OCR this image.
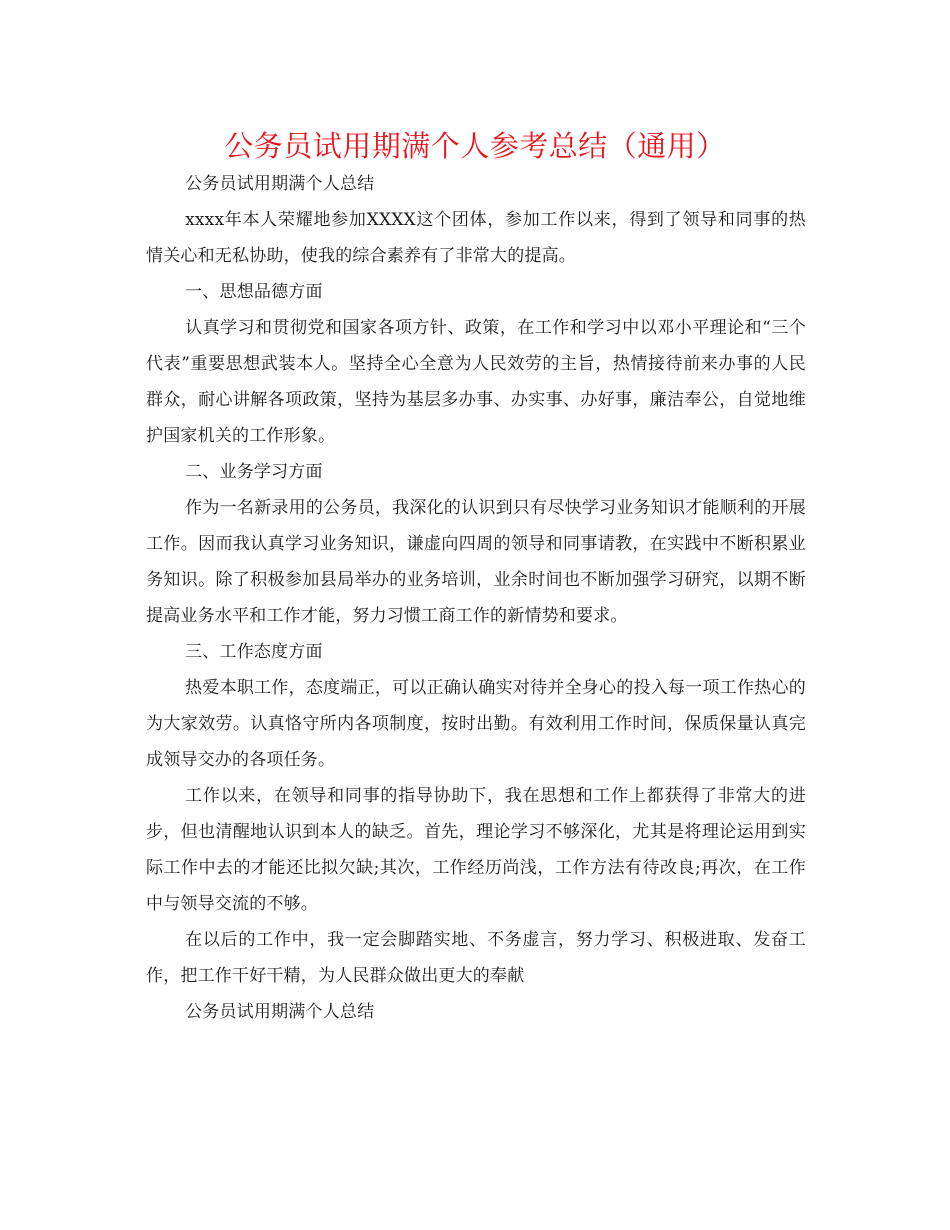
公务员试用期满个人参考总结（通用）

公务员试用期满个人总结

xxxx年本人荣耀地参加XXXX这个团体，参加工作以来，得到了领导和同事的热情关心和无私协助，使我的综合素养有了非常大的提高。

一、思想品德方面

认真学习和贯彻党和国家各项方针、政策，在工作和学习中以邓小平理论和“三个代表”重要思想武装本人。坚持全心全意为人民效劳的主旨，热情接待前来办事的人民群众，耐心讲解各项政策，坚持为基层多办事、办实事、办好事，廉洁奉公，自觉地维护国家机关的工作形象。

二、业务学习方面

作为一名新录用的公务员，我深化的认识到只有尽快学习业务知识才能顺利的开展工作。因而我认真学习业务知识，谦虚向四周的领导和同事请教，在实践中不断积累业务知识。除了积极参加县局举办的业务培训，业余时间也不断加强学习研究，以期不断提高业务水平和工作才能，努力习惯工商工作的新情势和要求。

三、工作态度方面

热爱本职工作，态度端正，可以正确认确实对待并全身心的投入每一项工作热心的为大家效劳。认真恪守所内各项制度，按时出勤。有效利用工作时间，保质保量认真完成领导交办的各项任务。

工作以来，在领导和同事的指导协助下，我在思想和工作上都获得了非常大的进步，但也清醒地认识到本人的缺乏。首先，理论学习不够深化，尤其是将理论运用到实际工作中去的才能还比拟欠缺;其次，工作经历尚浅，工作方法有待改良;再次，在工作中与领导交流的不够。

在以后的工作中，我一定会脚踏实地、不务虚言，努力学习、积极进取、发奋工作，把工作干好干精，为人民群众做出更大的奉献

公务员试用期满个人总结
